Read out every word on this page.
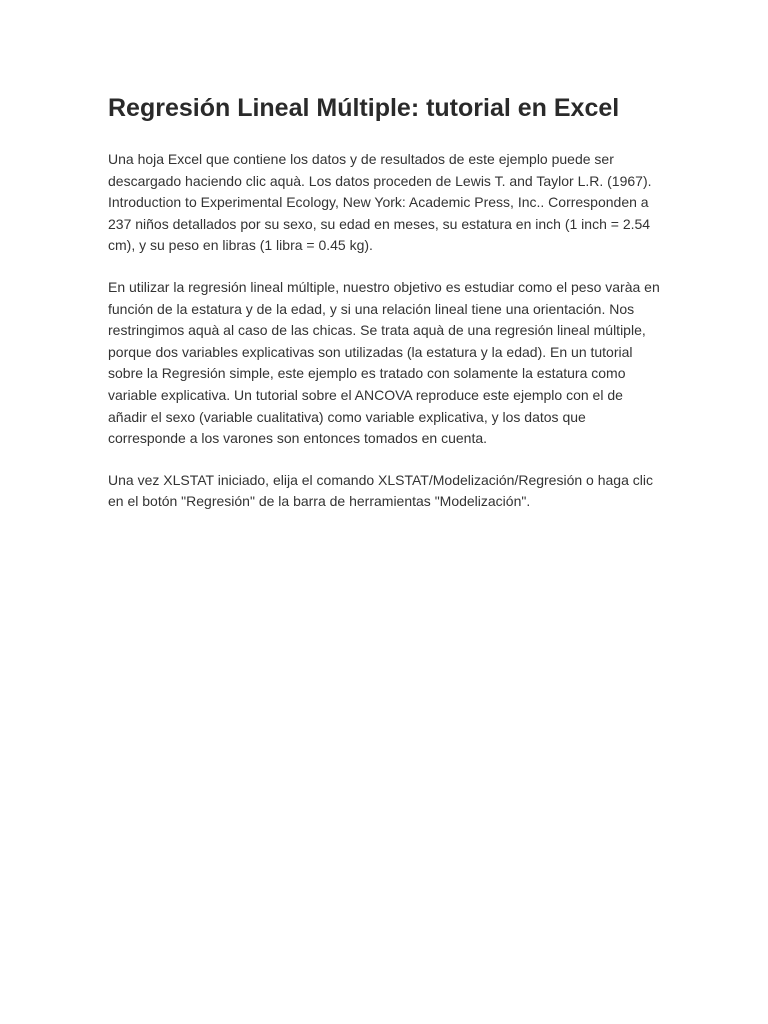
Regresión Lineal Múltiple: tutorial en Excel

Una hoja Excel que contiene los datos y de resultados de este ejemplo puede ser descargado haciendo clic aquà. Los datos proceden de Lewis T. and Taylor L.R. (1967). Introduction to Experimental Ecology, New York: Academic Press, Inc.. Corresponden a 237 niños detallados por su sexo, su edad en meses, su estatura en inch (1 inch = 2.54 cm), y su peso en libras (1 libra = 0.45 kg).

En utilizar la regresión lineal múltiple, nuestro objetivo es estudiar como el peso varàa en función de la estatura y de la edad, y si una relación lineal tiene una orientación. Nos restringimos aquà al caso de las chicas. Se trata aquà de una regresión lineal múltiple, porque dos variables explicativas son utilizadas (la estatura y la edad). En un tutorial sobre la Regresión simple, este ejemplo es tratado con solamente la estatura como variable explicativa. Un tutorial sobre el ANCOVA reproduce este ejemplo con el de añadir el sexo (variable cualitativa) como variable explicativa, y los datos que corresponde a los varones son entonces tomados en cuenta.

Una vez XLSTAT iniciado, elija el comando XLSTAT/Modelización/Regresión o haga clic en el botón "Regresión" de la barra de herramientas "Modelización".
